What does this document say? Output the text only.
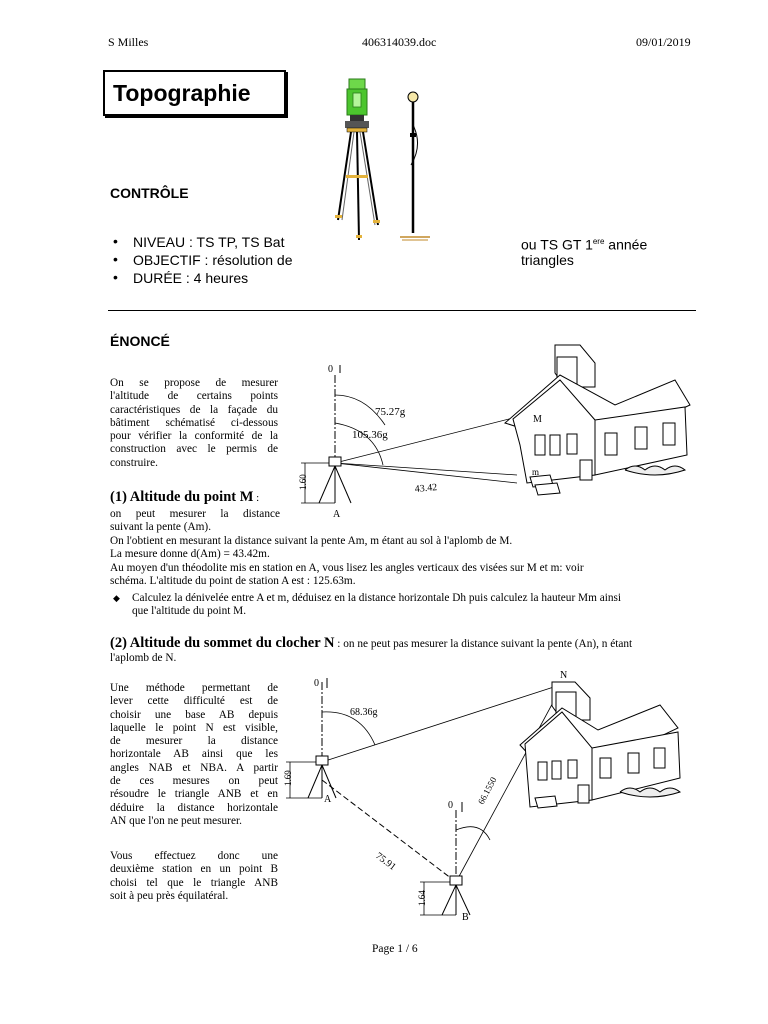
S Milles	406314039.doc	09/01/2019
Topographie
CONTRÔLE
• NIVEAU : TS TP, TS Bat	ou TS GT 1ere année
• OBJECTIF : résolution de	triangles
• DURÉE : 4 heures
ÉNONCÉ
On se propose de mesurer
l'altitude de certains points
caractéristiques de la façade du
bâtiment schématisé ci-dessous
pour vérifier la conformité de la
construction avec le permis de
construire.
0
75.27g
105.36g
43.42
1.60
A
M
m
(1) Altitude du point M :
on peut mesurer la distance
suivant la pente (Am).
On l'obtient en mesurant la distance suivant la pente Am, m étant au sol à l'aplomb de M.
La mesure donne d(Am) = 43.42m.
Au moyen d'un théodolite mis en station en A, vous lisez les angles verticaux des visées sur M et m: voir
schéma. L'altitude du point de station A est : 125.63m.
◆ Calculez la dénivelée entre A et m, déduisez en la distance horizontale Dh puis calculez la hauteur Mm ainsi
que l'altitude du point M.
(2) Altitude du sommet du clocher N : on ne peut pas mesurer la distance suivant la pente (An), n étant
l'aplomb de N.
Une méthode permettant de
lever cette difficulté est de
choisir une base AB depuis
laquelle le point N est visible,
de mesurer la distance
horizontale AB ainsi que les
angles NAB et NBA. A partir
de ces mesures on peut
résoudre le triangle ANB et en
déduire la distance horizontale
AN que l'on ne peut mesurer.
Vous effectuez donc une
deuxième station en un point B
choisi tel que le triangle ANB
soit à peu près équilatéral.
0
68.36g
1.69
A
75.91
0	66.1550
1.64
B
N
Page 1 / 6
